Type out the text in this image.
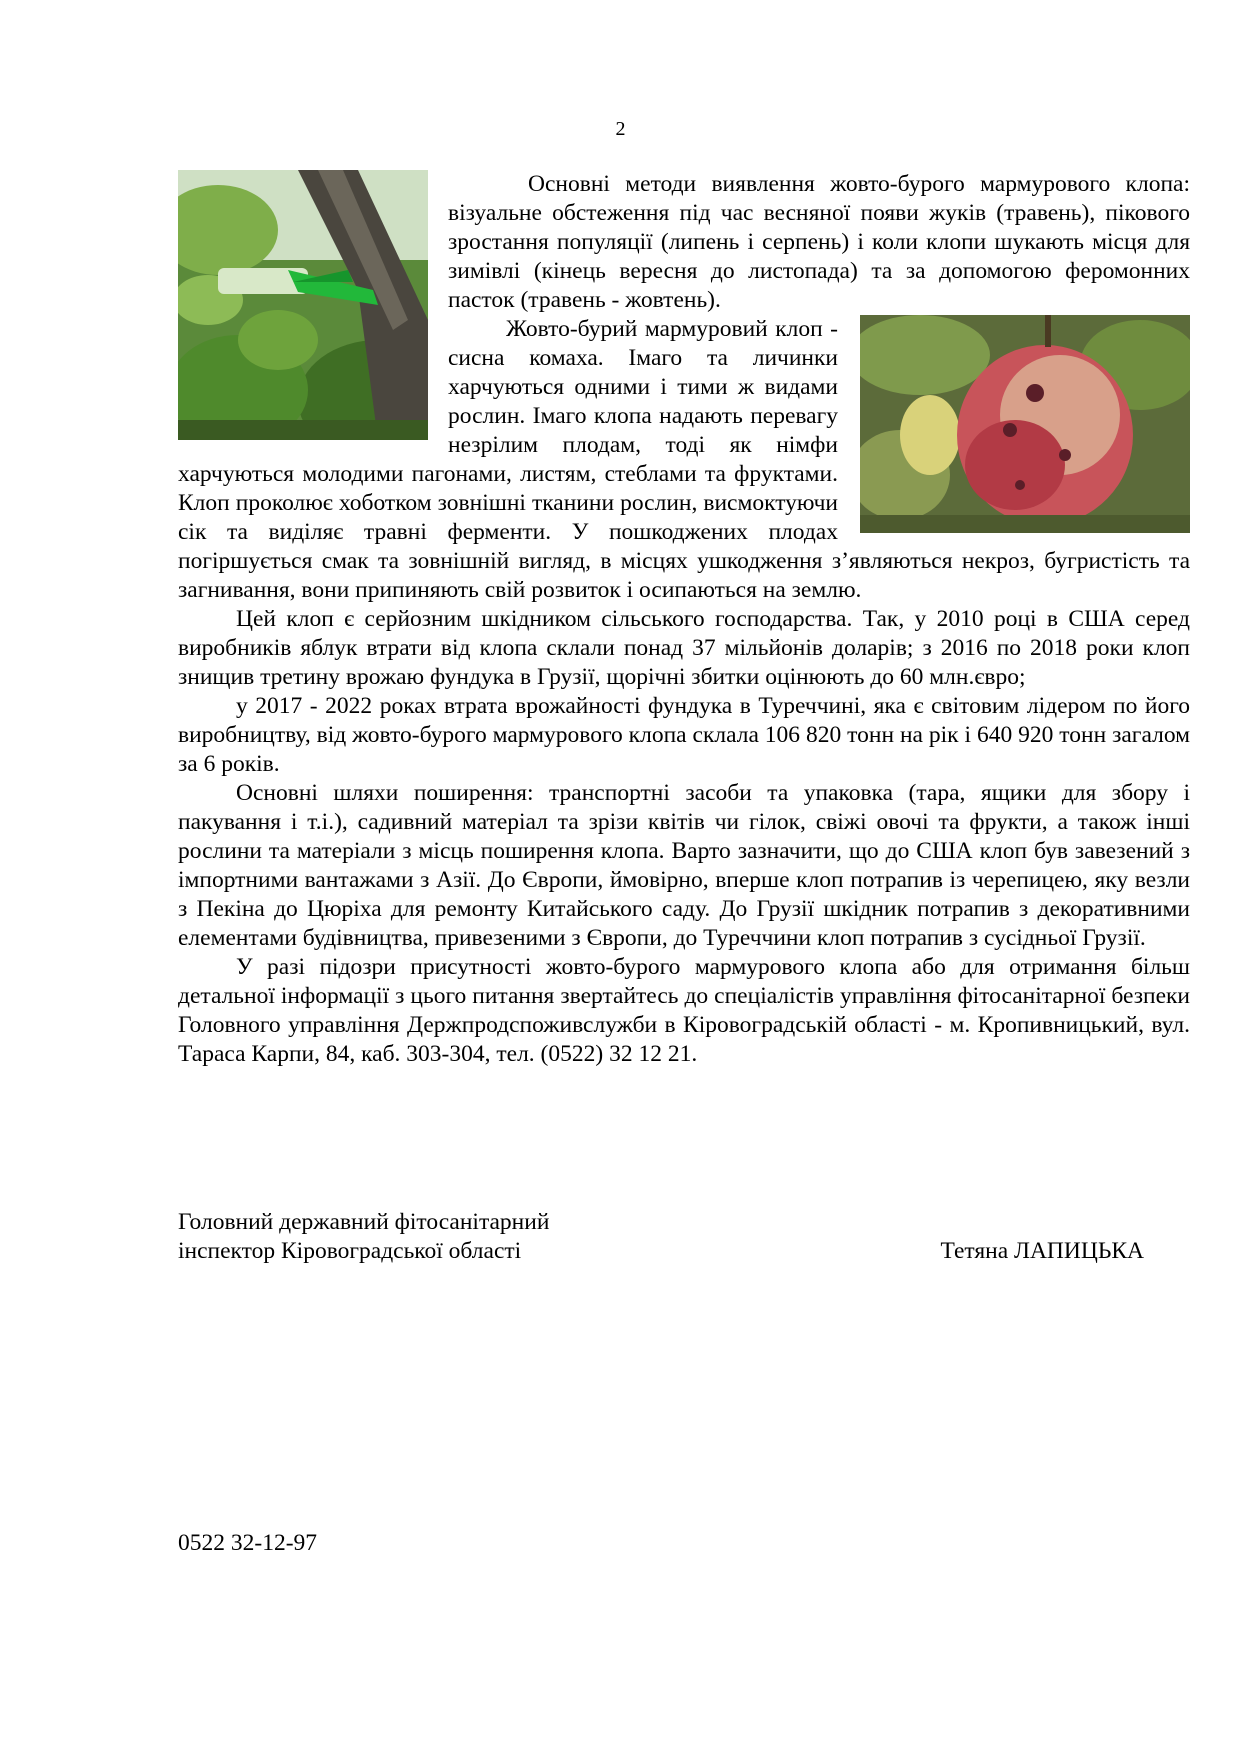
2

Основні методи виявлення жовто-бурого мармурового клопа: візуальне обстеження під час весняної появи жуків (травень), пікового зростання популяції (липень і серпень) і коли клопи шукають місця для зимівлі (кінець вересня до листопада) та за допомогою феромонних пасток (травень - жовтень).

Жовто-бурий мармуровий клоп - сисна комаха. Імаго та личинки харчуються одними і тими ж видами рослин. Імаго клопа надають перевагу незрілим плодам, тоді як німфи харчуються молодими пагонами, листям, стеблами та фруктами. Клоп проколює хоботком зовнішні тканини рослин, висмоктуючи сік та виділяє травні ферменти. У пошкоджених плодах погіршується смак та зовнішній вигляд, в місцях ушкодження з’являються некроз, бугристість та загнивання, вони припиняють свій розвиток і осипаються на землю.

Цей клоп є серйозним шкідником сільського господарства. Так, у 2010 році в США серед виробників яблук втрати від клопа склали понад 37 мільйонів доларів; з 2016 по 2018 роки клоп знищив третину врожаю фундука в Грузії, щорічні збитки оцінюють до 60 млн.євро;

у 2017 - 2022 роках втрата врожайності фундука в Туреччині, яка є світовим лідером по його виробництву, від жовто-бурого мармурового клопа склала 106 820 тонн на рік і 640 920 тонн загалом за 6 років.

Основні шляхи поширення: транспортні засоби та упаковка (тара, ящики для збору і пакування і т.і.), садивний матеріал та зрізи квітів чи гілок, свіжі овочі та фрукти, а також інші рослини та матеріали з місць поширення клопа. Варто зазначити, що до США клоп був завезений з імпортними вантажами з Азії. До Європи, ймовірно, вперше клоп потрапив із черепицею, яку везли з Пекіна до Цюріха для ремонту Китайського саду. До Грузії шкідник потрапив з декоративними елементами будівництва, привезеними з Європи, до Туреччини клоп потрапив з сусідньої Грузії.

У разі підозри присутності жовто-бурого мармурового клопа або для отримання більш детальної інформації з цього питання звертайтесь до спеціалістів управління фітосанітарної безпеки Головного управління Держпродспоживслужби в Кіровоградській області - м. Кропивницький, вул. Тараса Карпи, 84, каб. 303-304, тел. (0522) 32 12 21.

Головний державний фітосанітарний
інспектор Кіровоградської області	Тетяна ЛАПИЦЬКА
0522 32-12-97
